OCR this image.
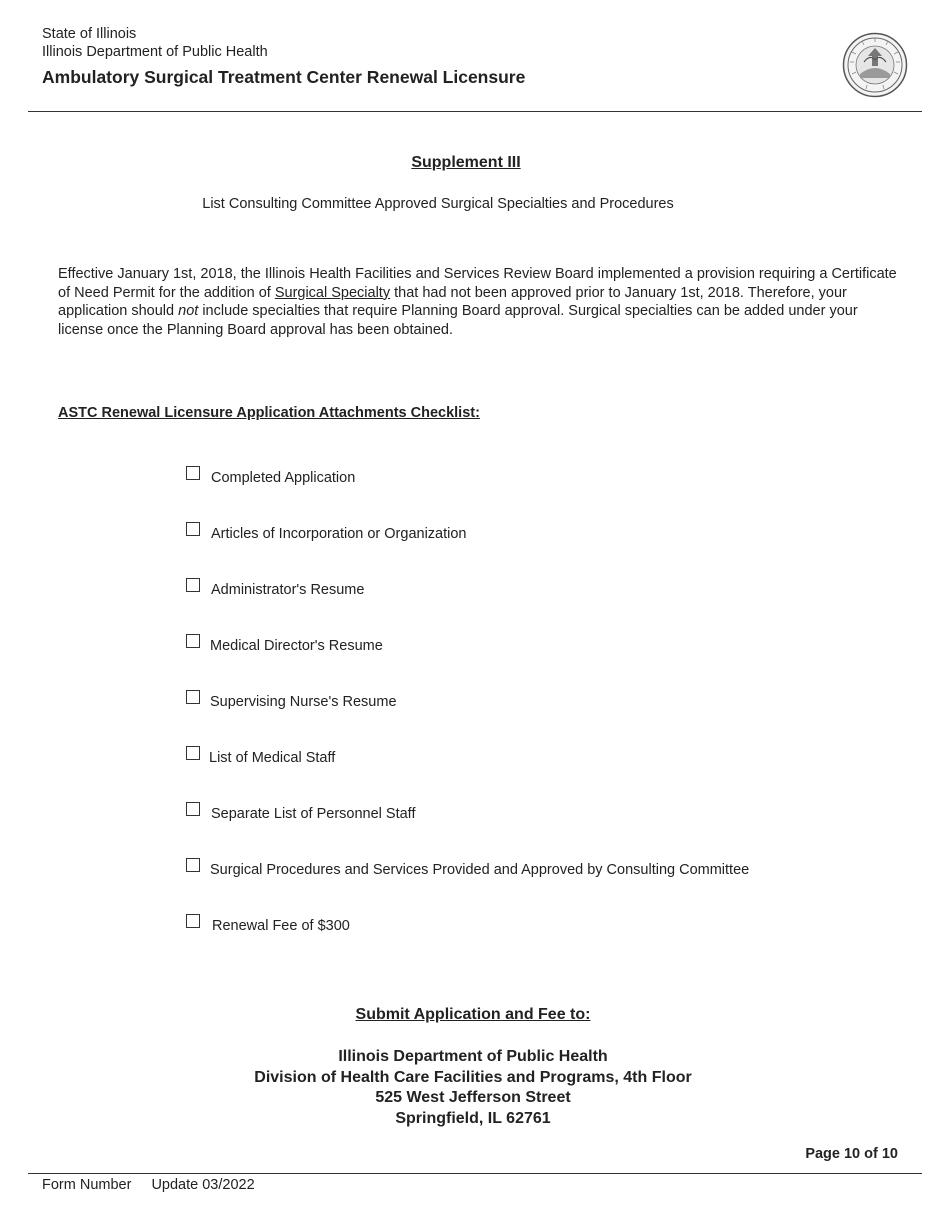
State of Illinois
Illinois Department of Public Health
Ambulatory Surgical Treatment Center Renewal Licensure
Supplement III
List Consulting Committee Approved Surgical Specialties and Procedures
Effective January 1st, 2018, the Illinois Health Facilities and Services Review Board implemented a provision requiring a Certificate of Need Permit for the addition of Surgical Specialty that had not been approved prior to January 1st, 2018. Therefore, your application should not include specialties that require Planning Board approval. Surgical specialties can be added under your license once the Planning Board approval has been obtained.
ASTC Renewal Licensure Application Attachments Checklist:
Completed Application
Articles of Incorporation or Organization
Administrator's Resume
Medical Director's Resume
Supervising Nurse's Resume
List of Medical Staff
Separate List of Personnel Staff
Surgical Procedures and Services Provided and Approved by Consulting Committee
Renewal Fee of $300
Submit Application and Fee to:
Illinois Department of Public Health
Division of Health Care Facilities and Programs, 4th Floor
525 West Jefferson Street
Springfield, IL 62761
Page 10 of 10
Form Number Update 03/2022
